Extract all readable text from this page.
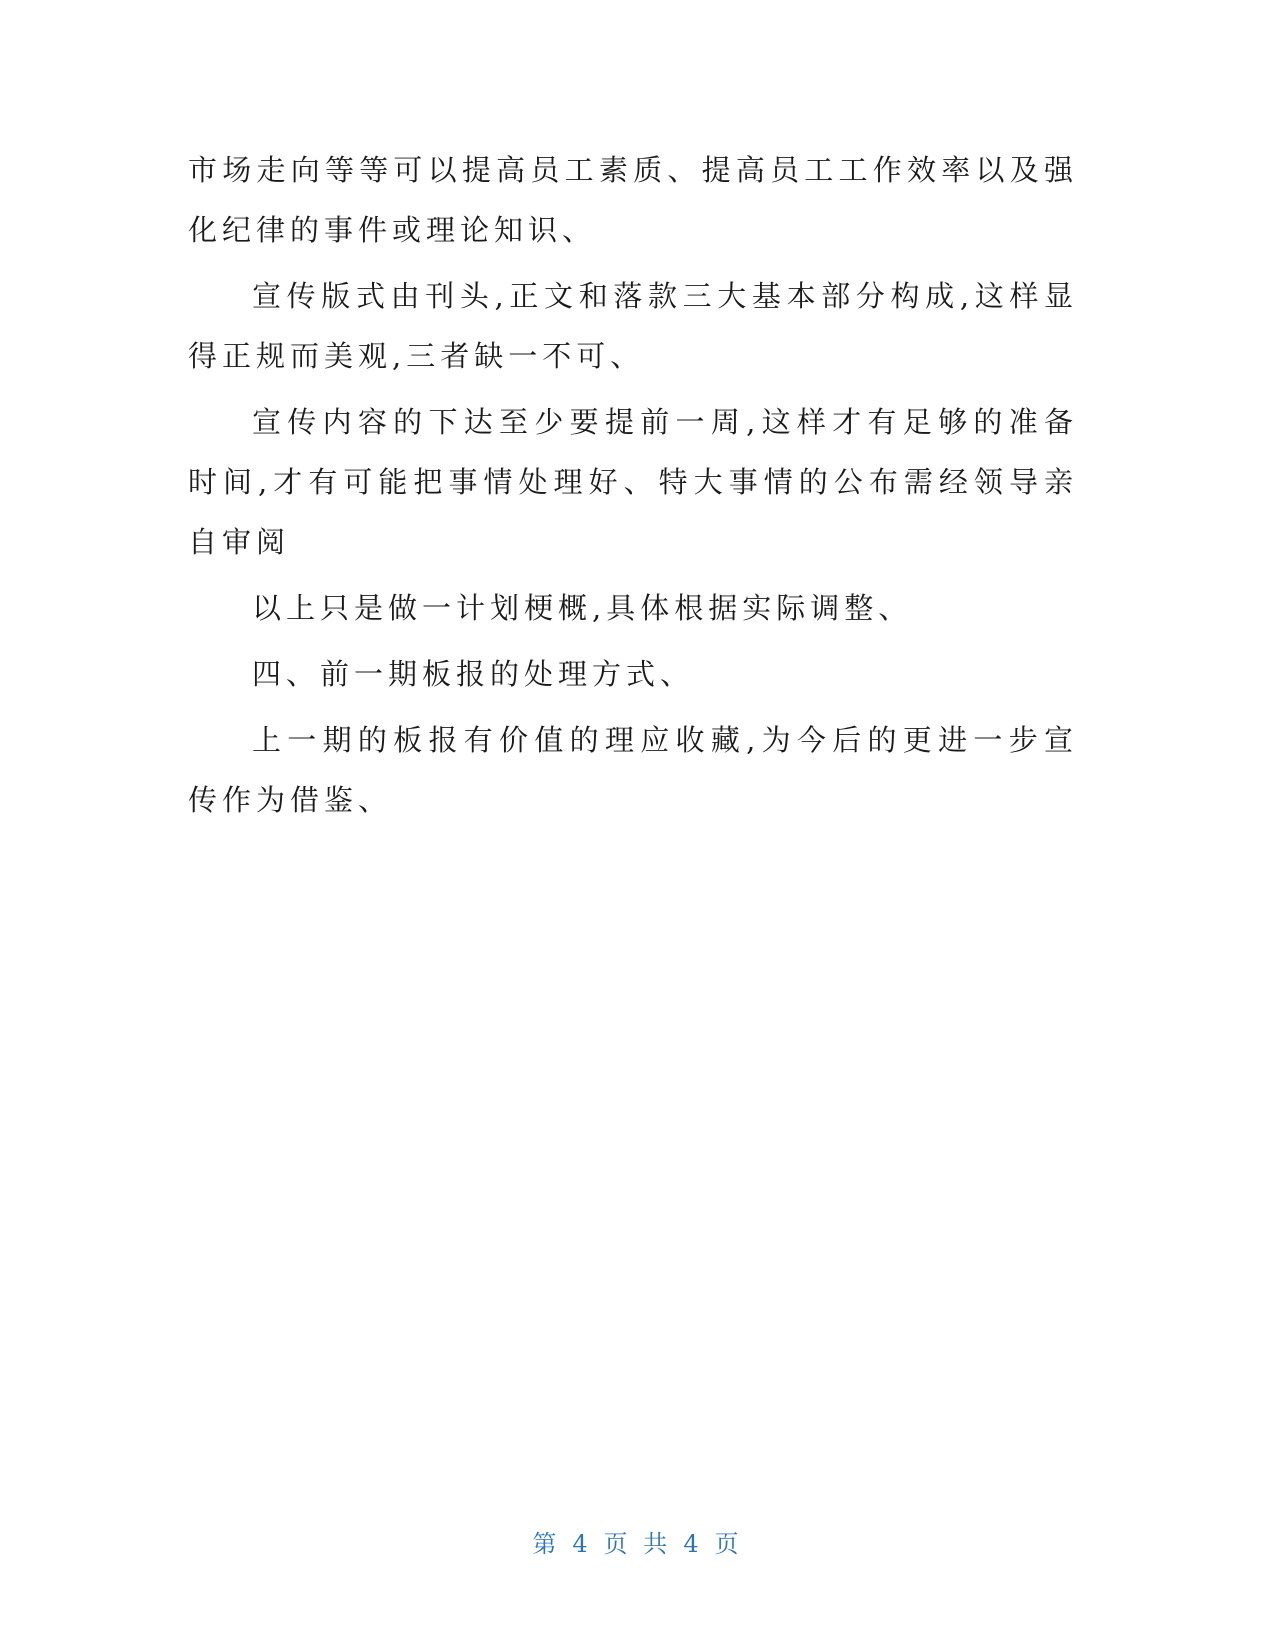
市场走向等等可以提高员工素质、提高员工工作效率以及强化纪律的事件或理论知识、

宣传版式由刊头,正文和落款三大基本部分构成,这样显得正规而美观,三者缺一不可、

宣传内容的下达至少要提前一周,这样才有足够的准备时间,才有可能把事情处理好、特大事情的公布需经领导亲自审阅

以上只是做一计划梗概,具体根据实际调整、

四、前一期板报的处理方式、

上一期的板报有价值的理应收藏,为今后的更进一步宣传作为借鉴、

第 4 页 共 4 页
